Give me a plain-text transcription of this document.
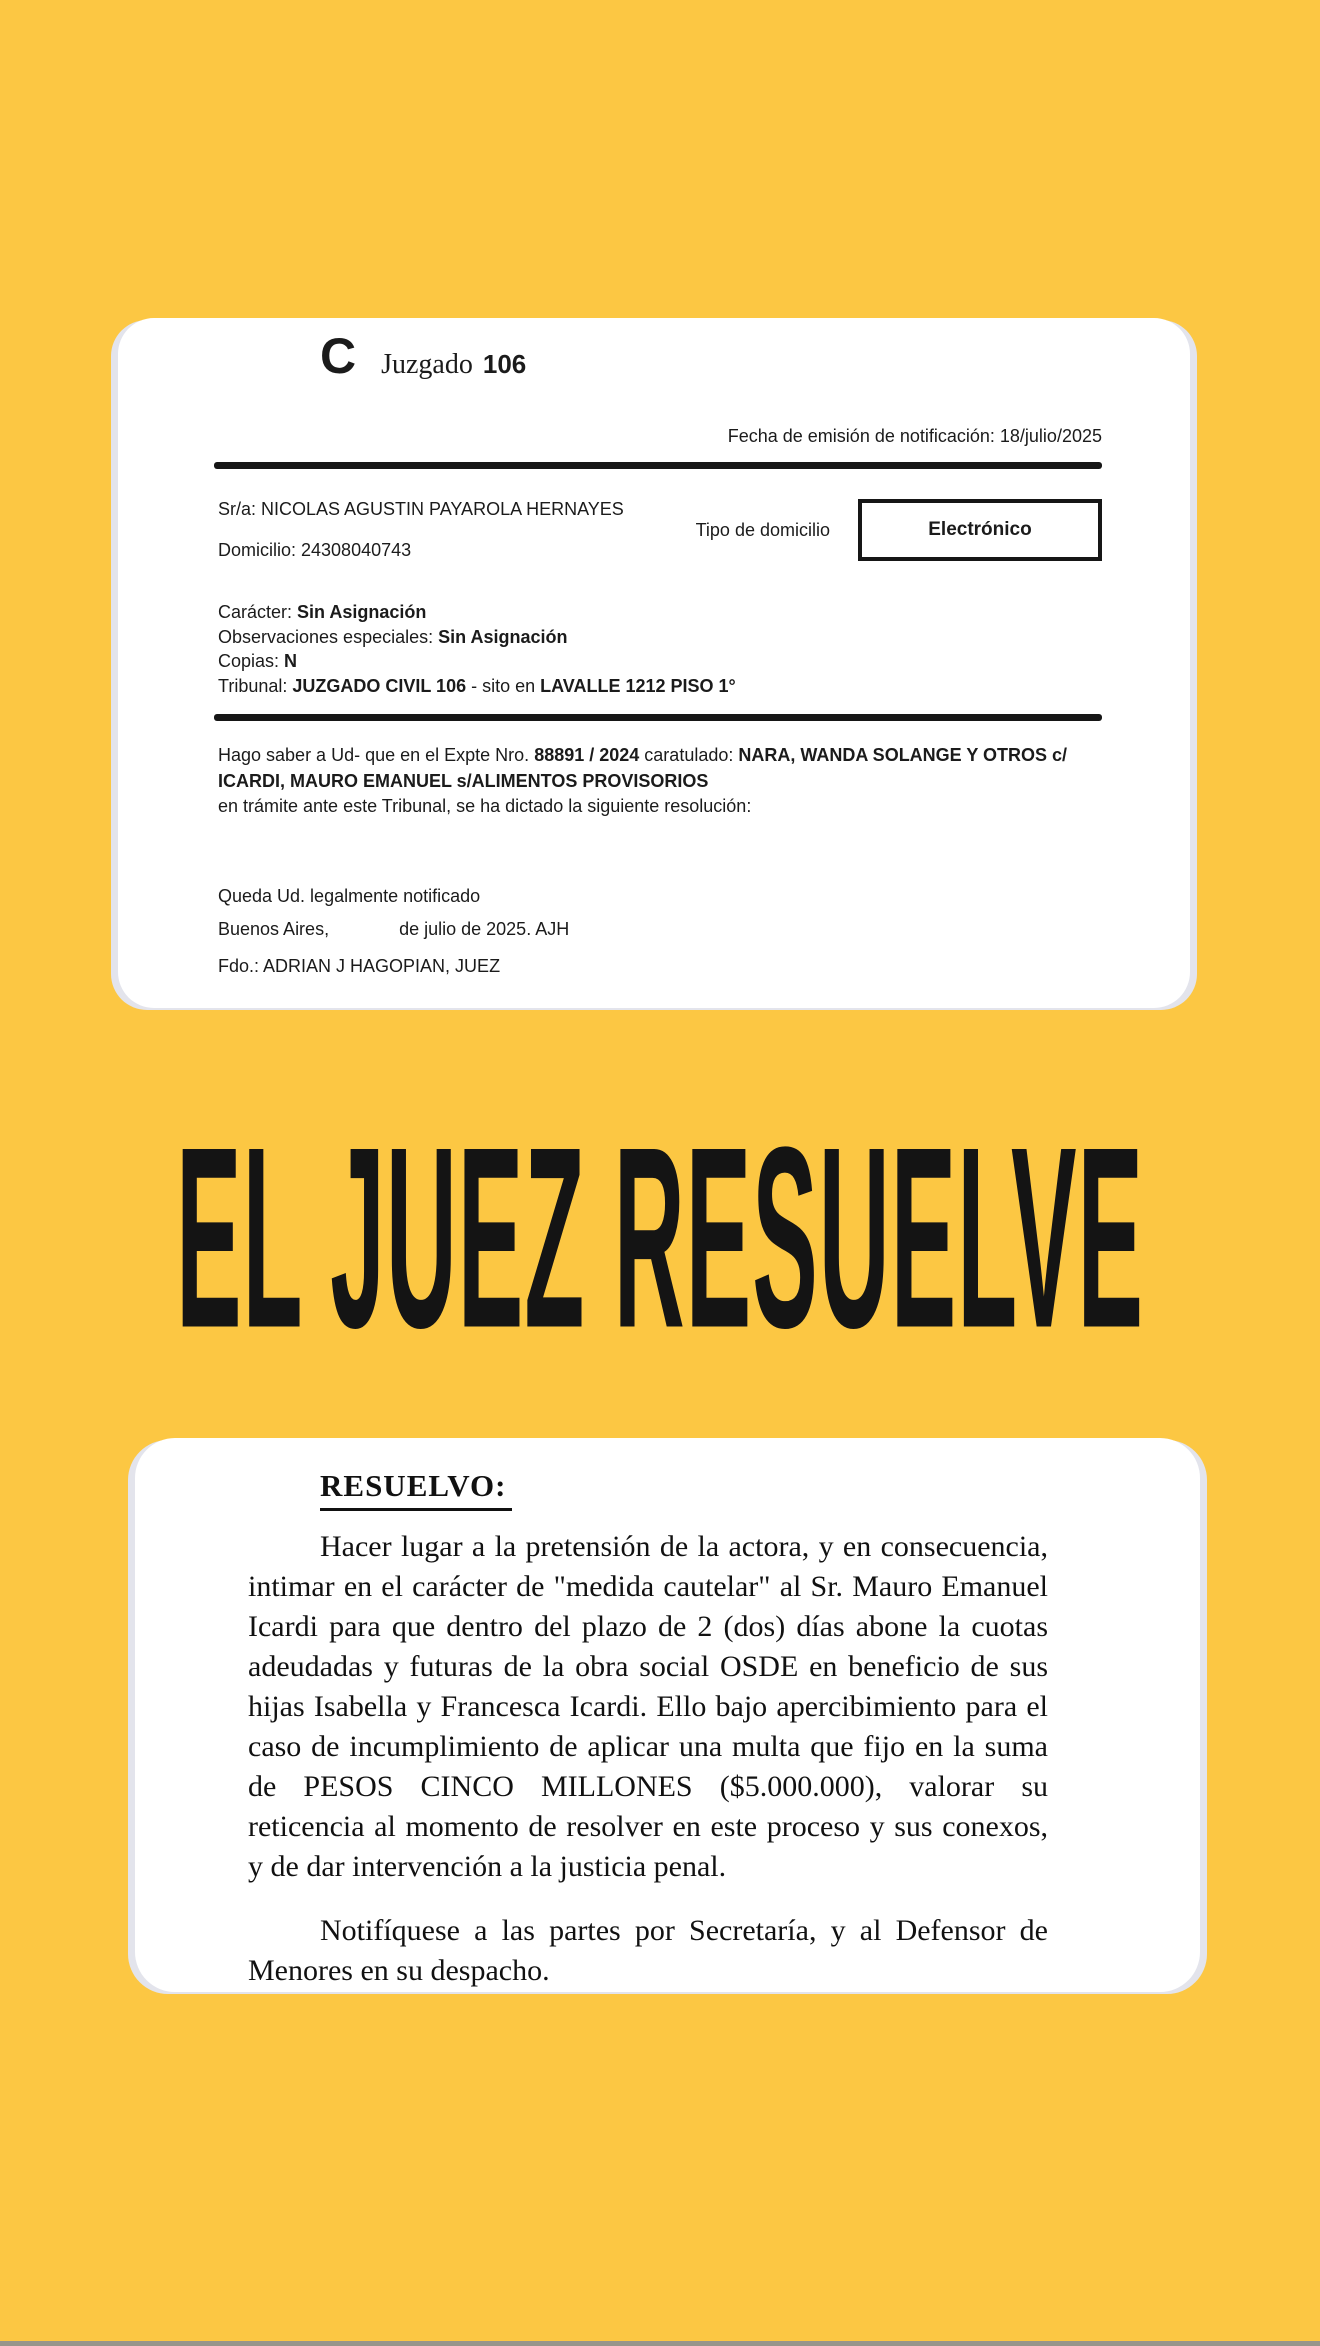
C Juzgado 106
Fecha de emisión de notificación: 18/julio/2025
Sr/a: NICOLAS AGUSTIN PAYAROLA HERNAYES
Domicilio: 24308040743
Tipo de domicilio	Electrónico
Carácter: Sin Asignación
Observaciones especiales: Sin Asignación
Copias: N
Tribunal: JUZGADO CIVIL 106 - sito en LAVALLE 1212 PISO 1°
Hago saber a Ud- que en el Expte Nro. 88891 / 2024 caratulado: NARA, WANDA SOLANGE Y OTROS c/ ICARDI, MAURO EMANUEL s/ALIMENTOS PROVISORIOS
en trámite ante este Tribunal, se ha dictado la siguiente resolución:
Queda Ud. legalmente notificado
Buenos Aires,              de julio de 2025. AJH
Fdo.: ADRIAN J HAGOPIAN, JUEZ
EL JUEZ RESUELVE
RESUELVO:

Hacer lugar a la pretensión de la actora, y en consecuencia, intimar en el carácter de "medida cautelar" al Sr. Mauro Emanuel Icardi para que dentro del plazo de 2 (dos) días abone la cuotas adeudadas y futuras de la obra social OSDE en beneficio de sus hijas Isabella y Francesca Icardi. Ello bajo apercibimiento para el caso de incumplimiento de aplicar una multa que fijo en la suma de PESOS CINCO MILLONES ($5.000.000), valorar su reticencia al momento de resolver en este proceso y sus conexos, y de dar intervención a la justicia penal.

Notifíquese a las partes por Secretaría, y al Defensor de Menores en su despacho.
